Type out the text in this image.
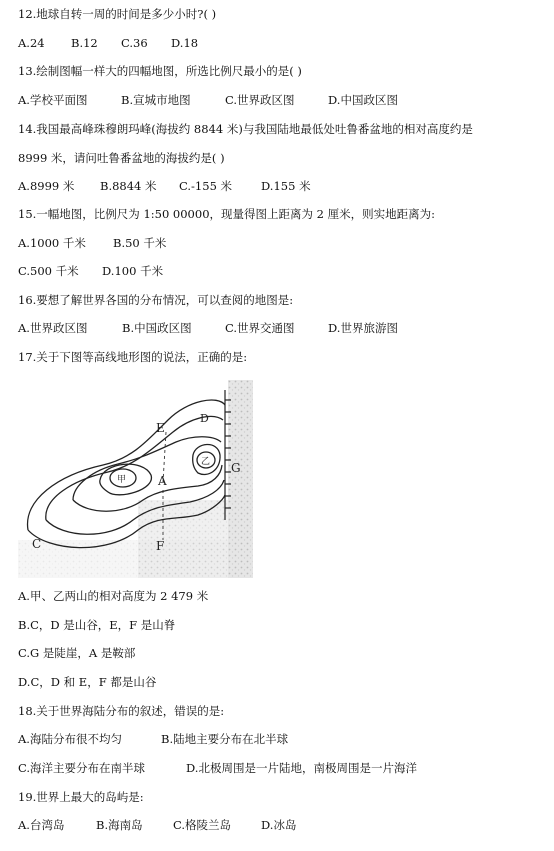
12.地球自转一周的时间是多少小时?( )
A.24	B.12	C.36	D.18
13.绘制图幅一样大的四幅地图，所选比例尺最小的是( )
A.学校平面图	B.宣城市地图	C.世界政区图	D.中国政区图
14.我国最高峰珠穆朗玛峰(海拔约 8844 米)与我国陆地最低处吐鲁番盆地的相对高度约是
8999 米，请问吐鲁番盆地的海拔约是( )
A.8999 米	B.8844 米	C.-155 米	D.155 米
15.一幅地图，比例尺为 1:50 00000，现量得图上距离为 2 厘米，则实地距离为:
A.1000 千米	B.50 千米
C.500 千米	D.100 千米
16.要想了解世界各国的分布情况，可以查阅的地图是:
A.世界政区图	B.中国政区图	C.世界交通图	D.世界旅游图
17.关于下图等高线地形图的说法，正确的是:
甲
乙
A
C
D
E
F
G
A.甲、乙两山的相对高度为 2 479 米
B.C，D 是山谷，E，F 是山脊
C.G 是陡崖，A 是鞍部
D.C，D 和 E，F 都是山谷
18.关于世界海陆分布的叙述，错误的是:
A.海陆分布很不均匀	B.陆地主要分布在北半球
C.海洋主要分布在南半球	D.北极周围是一片陆地，南极周围是一片海洋
19.世界上最大的岛屿是:
A.台湾岛	B.海南岛	C.格陵兰岛	D.冰岛
